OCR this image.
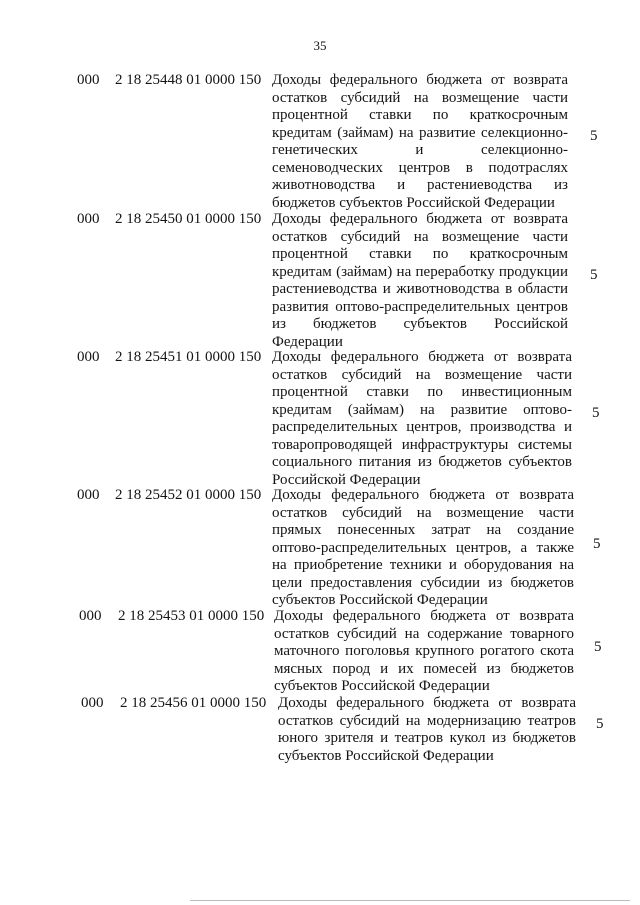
35
000 2 18 25448 01 0000 150 Доходы федерального бюджета от возврата остатков субсидий на возмещение части процентной ставки по краткосрочным кредитам (займам) на развитие селекционно-генетических и селекционно-семеноводческих центров в подотраслях животноводства и растениеводства из бюджетов субъектов Российской Федерации

5
000 2 18 25450 01 0000 150 Доходы федерального бюджета от возврата остатков субсидий на возмещение части процентной ставки по краткосрочным кредитам (займам) на переработку продукции растениеводства и животноводства в области развития оптово-распределительных центров из бюджетов субъектов Российской Федерации

5
000 2 18 25451 01 0000 150 Доходы федерального бюджета от возврата остатков субсидий на возмещение части процентной ставки по инвестиционным кредитам (займам) на развитие оптово-распределительных центров, производства и товаропроводящей инфраструктуры системы социального питания из бюджетов субъектов Российской Федерации

5
000 2 18 25452 01 0000 150 Доходы федерального бюджета от возврата остатков субсидий на возмещение части прямых понесенных затрат на создание оптово-распределительных центров, а также на приобретение техники и оборудования на цели предоставления субсидии из бюджетов субъектов Российской Федерации

5
000 2 18 25453 01 0000 150 Доходы федерального бюджета от возврата остатков субсидий на содержание товарного маточного поголовья крупного рогатого скота мясных пород и их помесей из бюджетов субъектов Российской Федерации

5
000 2 18 25456 01 0000 150 Доходы федерального бюджета от возврата остатков субсидий на модернизацию театров юного зрителя и театров кукол из бюджетов субъектов Российской Федерации

5
